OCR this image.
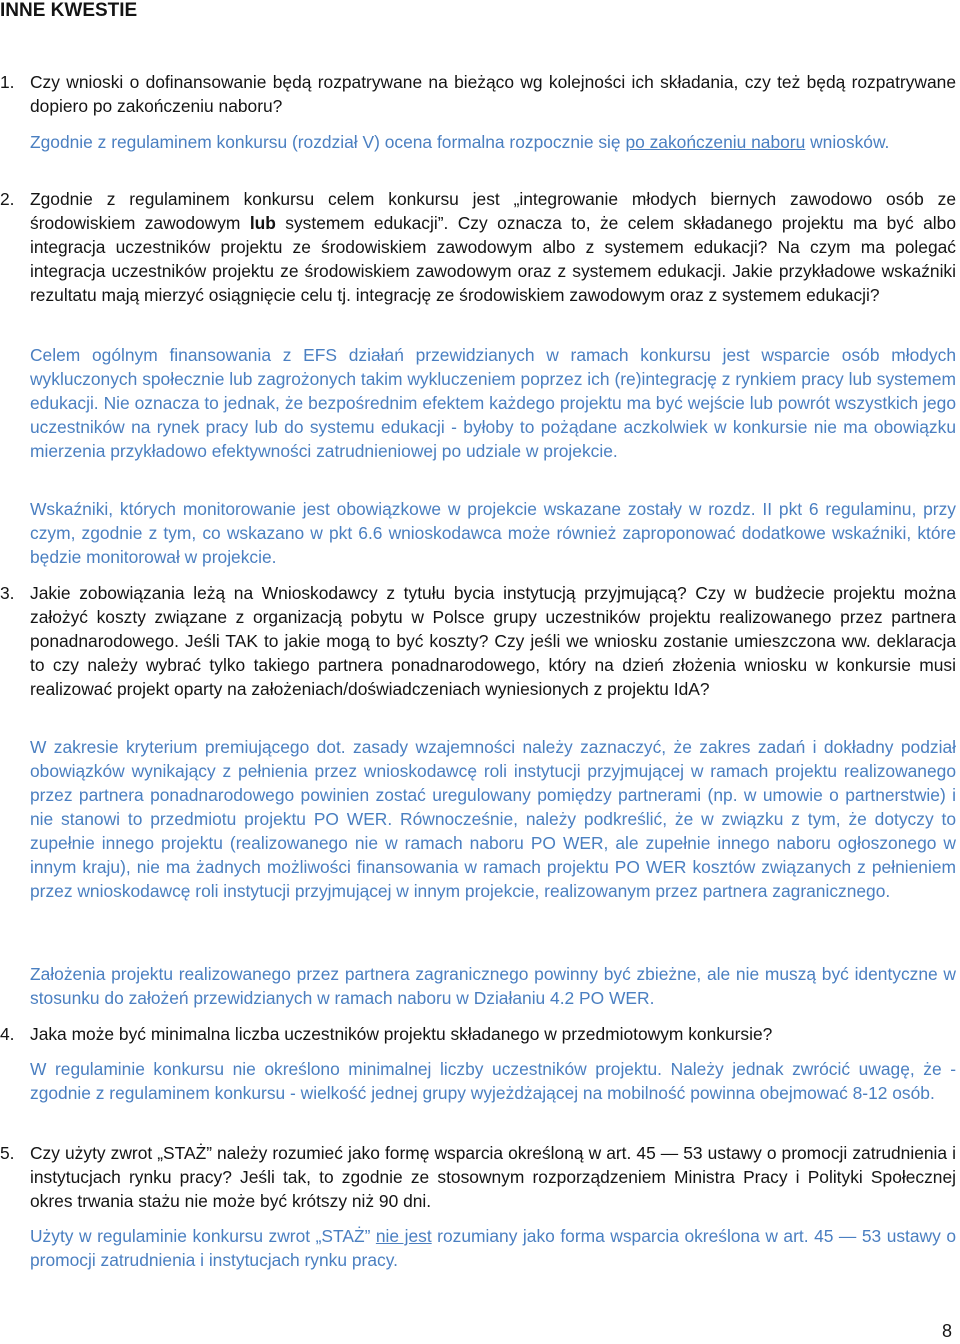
INNE KWESTIE

1. Czy wnioski o dofinansowanie będą rozpatrywane na bieżąco wg kolejności ich składania, czy też będą rozpatrywane dopiero po zakończeniu naboru?

Zgodnie z regulaminem konkursu (rozdział V) ocena formalna rozpocznie się po zakończeniu naboru wniosków.

2. Zgodnie z regulaminem konkursu celem konkursu jest „integrowanie młodych biernych zawodowo osób ze środowiskiem zawodowym lub systemem edukacji”. Czy oznacza to, że celem składanego projektu ma być albo integracja uczestników projektu ze środowiskiem zawodowym albo z systemem edukacji? Na czym ma polegać integracja uczestników projektu ze środowiskiem zawodowym oraz z systemem edukacji. Jakie przykładowe wskaźniki rezultatu mają mierzyć osiągnięcie celu tj. integrację ze środowiskiem zawodowym oraz z systemem edukacji?

Celem ogólnym finansowania z EFS działań przewidzianych w ramach konkursu jest wsparcie osób młodych wykluczonych społecznie lub zagrożonych takim wykluczeniem poprzez ich (re)integrację z rynkiem pracy lub systemem edukacji. Nie oznacza to jednak, że bezpośrednim efektem każdego projektu ma być wejście lub powrót wszystkich jego uczestników na rynek pracy lub do systemu edukacji - byłoby to pożądane aczkolwiek w konkursie nie ma obowiązku mierzenia przykładowo efektywności zatrudnieniowej po udziale w projekcie.

Wskaźniki, których monitorowanie jest obowiązkowe w projekcie wskazane zostały w rozdz. II pkt 6 regulaminu, przy czym, zgodnie z tym, co wskazano w pkt 6.6 wnioskodawca może również zaproponować dodatkowe wskaźniki, które będzie monitorował w projekcie.

3. Jakie zobowiązania leżą na Wnioskodawcy z tytułu bycia instytucją przyjmującą? Czy w budżecie projektu można założyć koszty związane z organizacją pobytu w Polsce grupy uczestników projektu realizowanego przez partnera ponadnarodowego. Jeśli TAK to jakie mogą to być koszty? Czy jeśli we wniosku zostanie umieszczona ww. deklaracja to czy należy wybrać tylko takiego partnera ponadnarodowego, który na dzień złożenia wniosku w konkursie musi realizować projekt oparty na założeniach/doświadczeniach wyniesionych z projektu IdA?

W zakresie kryterium premiującego dot. zasady wzajemności należy zaznaczyć, że zakres zadań i dokładny podział obowiązków wynikający z pełnienia przez wnioskodawcę roli instytucji przyjmującej w ramach projektu realizowanego przez partnera ponadnarodowego powinien zostać uregulowany pomiędzy partnerami (np. w umowie o partnerstwie) i nie stanowi to przedmiotu projektu PO WER. Równocześnie, należy podkreślić, że w związku z tym, że dotyczy to zupełnie innego projektu (realizowanego nie w ramach naboru PO WER, ale zupełnie innego naboru ogłoszonego w innym kraju), nie ma żadnych możliwości finansowania w ramach projektu PO WER kosztów związanych z pełnieniem przez wnioskodawcę roli instytucji przyjmującej w innym projekcie, realizowanym przez partnera zagranicznego.

Założenia projektu realizowanego przez partnera zagranicznego powinny być zbieżne, ale nie muszą być identyczne w stosunku do założeń przewidzianych w ramach naboru w Działaniu 4.2 PO WER.

4. Jaka może być minimalna liczba uczestników projektu składanego w przedmiotowym konkursie?

W regulaminie konkursu nie określono minimalnej liczby uczestników projektu. Należy jednak zwrócić uwagę, że - zgodnie z regulaminem konkursu - wielkość jednej grupy wyjeżdżającej na mobilność powinna obejmować 8-12 osób.

5. Czy użyty zwrot „STAŻ” należy rozumieć jako formę wsparcia określoną w art. 45 ― 53 ustawy o promocji zatrudnienia i instytucjach rynku pracy? Jeśli tak, to zgodnie ze stosownym rozporządzeniem Ministra Pracy i Polityki Społecznej okres trwania stażu nie może być krótszy niż 90 dni.

Użyty w regulaminie konkursu zwrot „STAŻ” nie jest rozumiany jako forma wsparcia określona w art. 45 ― 53 ustawy o promocji zatrudnienia i instytucjach rynku pracy.

8
